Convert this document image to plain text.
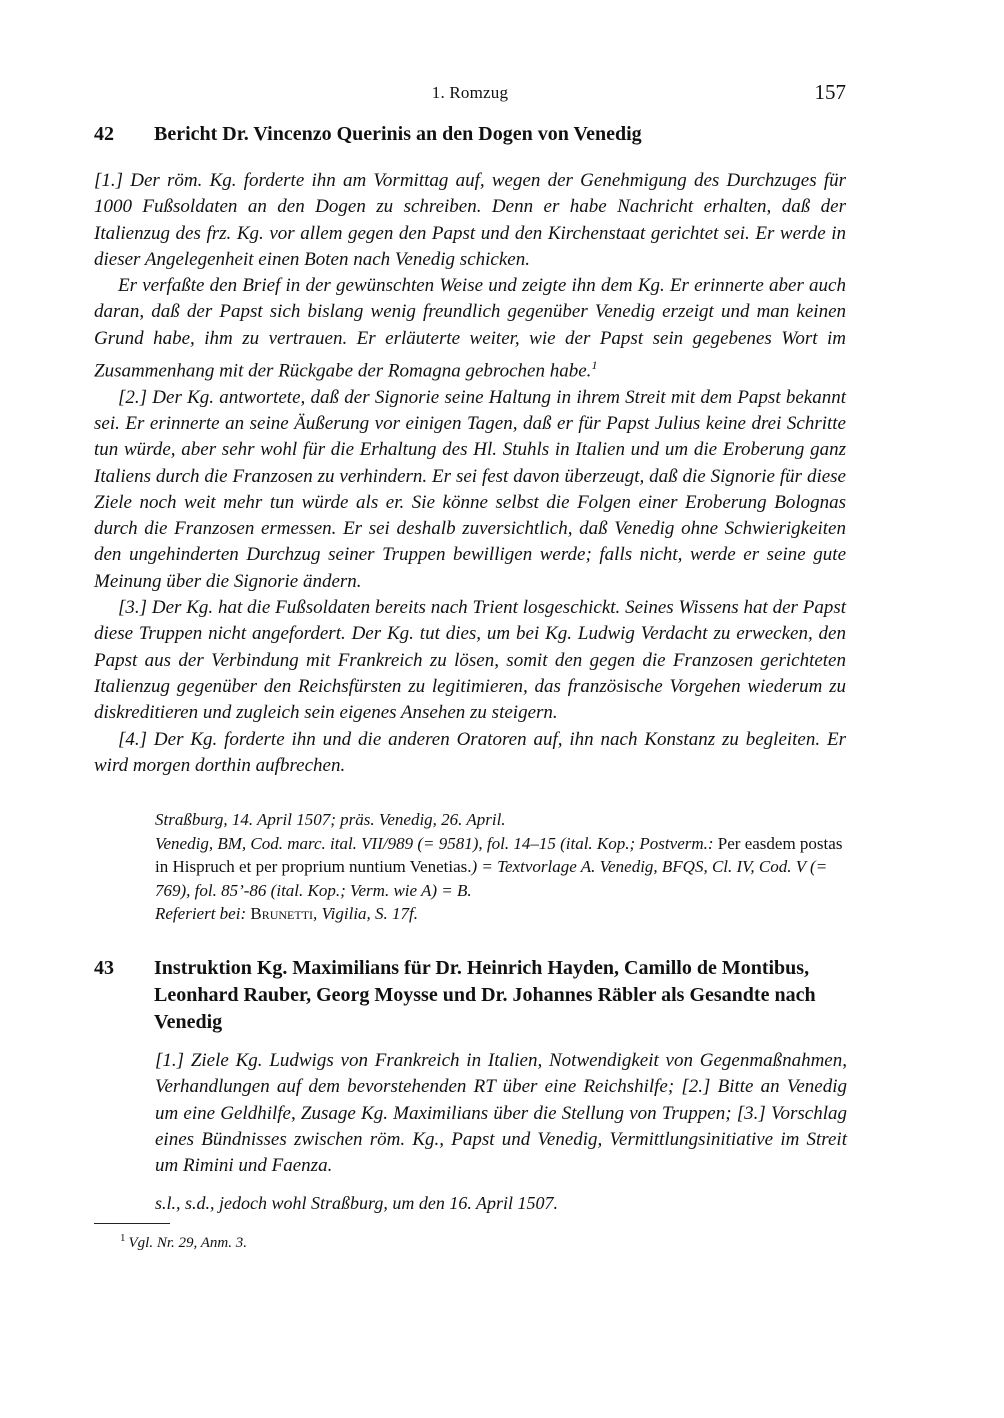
1. Romzug	157
42	Bericht Dr. Vincenzo Querinis an den Dogen von Venedig

[1.] Der röm. Kg. forderte ihn am Vormittag auf, wegen der Genehmigung des Durchzuges für 1000 Fußsoldaten an den Dogen zu schreiben. Denn er habe Nachricht erhalten, daß der Italienzug des frz. Kg. vor allem gegen den Papst und den Kirchenstaat gerichtet sei. Er werde in dieser Angelegenheit einen Boten nach Venedig schicken.

Er verfaßte den Brief in der gewünschten Weise und zeigte ihn dem Kg. Er erinnerte aber auch daran, daß der Papst sich bislang wenig freundlich gegenüber Venedig erzeigt und man keinen Grund habe, ihm zu vertrauen. Er erläuterte weiter, wie der Papst sein gegebenes Wort im Zusammenhang mit der Rückgabe der Romagna gebrochen habe.$^1$

[2.] Der Kg. antwortete, daß der Signorie seine Haltung in ihrem Streit mit dem Papst bekannt sei. Er erinnerte an seine Äußerung vor einigen Tagen, daß er für Papst Julius keine drei Schritte tun würde, aber sehr wohl für die Erhaltung des Hl. Stuhls in Italien und um die Eroberung ganz Italiens durch die Franzosen zu verhindern. Er sei fest davon überzeugt, daß die Signorie für diese Ziele noch weit mehr tun würde als er. Sie könne selbst die Folgen einer Eroberung Bolognas durch die Franzosen ermessen. Er sei deshalb zuversichtlich, daß Venedig ohne Schwierigkeiten den ungehinderten Durchzug seiner Truppen bewilligen werde; falls nicht, werde er seine gute Meinung über die Signorie ändern.

[3.] Der Kg. hat die Fußsoldaten bereits nach Trient losgeschickt. Seines Wissens hat der Papst diese Truppen nicht angefordert. Der Kg. tut dies, um bei Kg. Ludwig Verdacht zu erwecken, den Papst aus der Verbindung mit Frankreich zu lösen, somit den gegen die Franzosen gerichteten Italienzug gegenüber den Reichsfürsten zu legitimieren, das französische Vorgehen wiederum zu diskreditieren und zugleich sein eigenes Ansehen zu steigern.

[4.] Der Kg. forderte ihn und die anderen Oratoren auf, ihn nach Konstanz zu begleiten. Er wird morgen dorthin aufbrechen.

Straßburg, 14. April 1507; präs. Venedig, 26. April.
Venedig, BM, Cod. marc. ital. VII/989 (= 9581), fol. 14–15 (ital. Kop.; Postverm.: Per easdem postas in Hispruch et per proprium nuntium Venetias.) = Textvorlage A. Venedig, BFQS, Cl. IV, Cod. V (= 769), fol. 85’-86 (ital. Kop.; Verm. wie A) = B.
Referiert bei: Brunetti, Vigilia, S. 17f.
43	Instruktion Kg. Maximilians für Dr. Heinrich Hayden, Camillo de Montibus, Leonhard Rauber, Georg Moysse und Dr. Johannes Räbler als Gesandte nach Venedig
[1.] Ziele Kg. Ludwigs von Frankreich in Italien, Notwendigkeit von Gegenmaßnahmen, Verhandlungen auf dem bevorstehenden RT über eine Reichshilfe; [2.] Bitte an Venedig um eine Geldhilfe, Zusage Kg. Maximilians über die Stellung von Truppen; [3.] Vorschlag eines Bündnisses zwischen röm. Kg., Papst und Venedig, Vermittlungsinitiative im Streit um Rimini und Faenza.
s.l., s.d., jedoch wohl Straßburg, um den 16. April 1507.
$^1$ Vgl. Nr. 29, Anm. 3.
